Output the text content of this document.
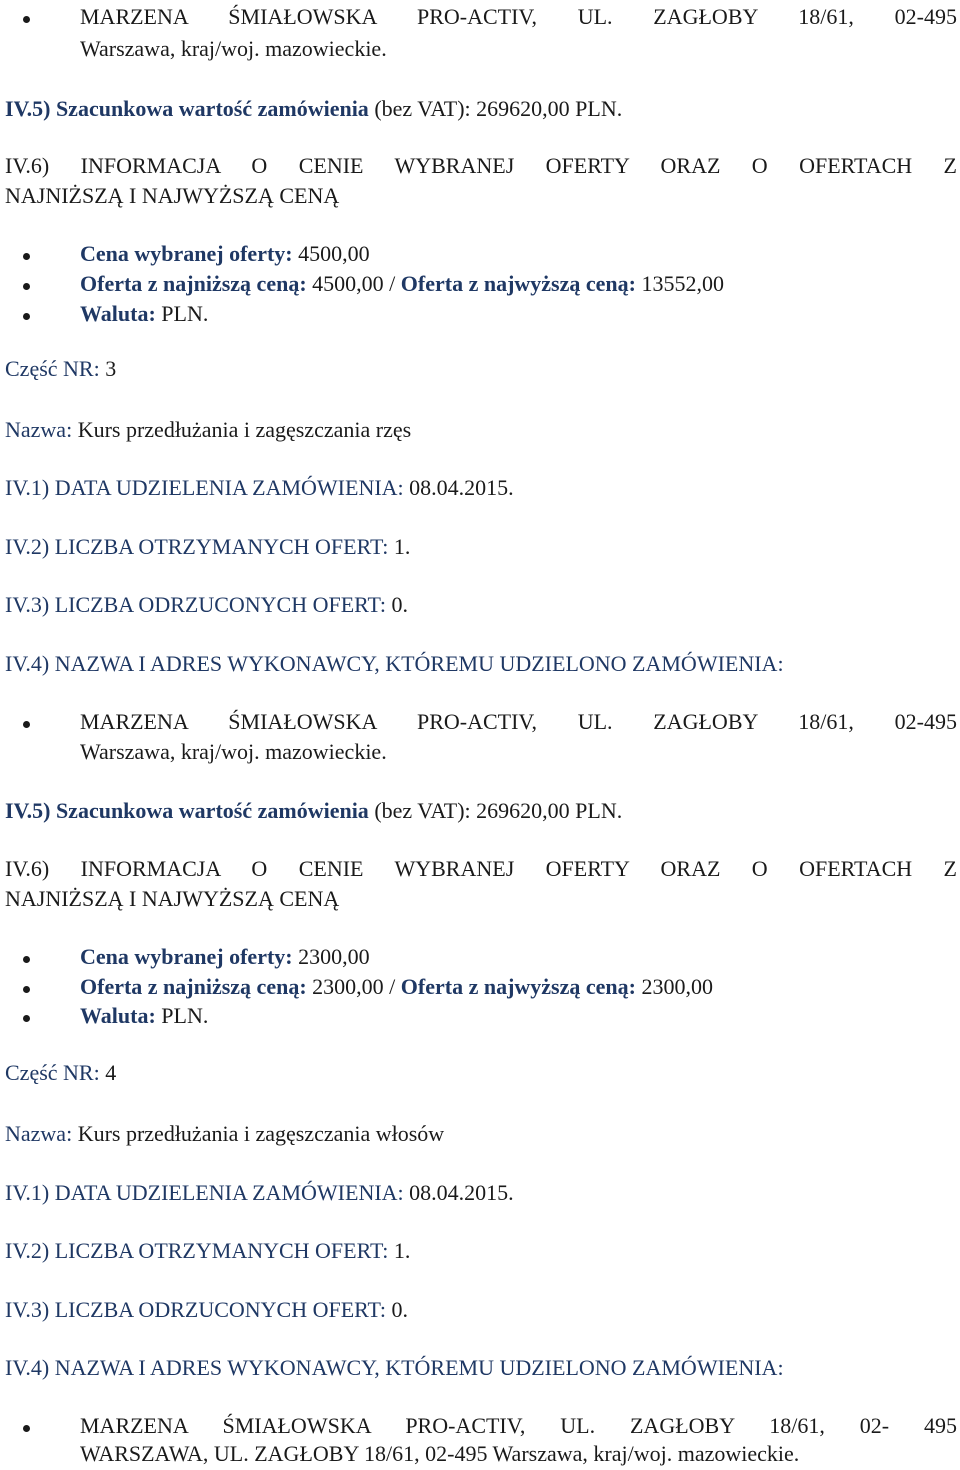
MARZENA ŚMIAŁOWSKA PRO-ACTIV, UL. ZAGŁOBY 18/61, 02-495
Warszawa, kraj/woj. mazowieckie.
IV.5) Szacunkowa wartość zamówienia (bez VAT): 269620,00 PLN.
IV.6) INFORMACJA O CENIE WYBRANEJ OFERTY ORAZ O OFERTACH Z
NAJNIŻSZĄ I NAJWYŻSZĄ CENĄ
Cena wybranej oferty: 4500,00
Oferta z najniższą ceną: 4500,00 / Oferta z najwyższą ceną: 13552,00
Waluta: PLN.
Część NR: 3
Nazwa: Kurs przedłużania i zagęszczania rzęs
IV.1) DATA UDZIELENIA ZAMÓWIENIA: 08.04.2015.
IV.2) LICZBA OTRZYMANYCH OFERT: 1.
IV.3) LICZBA ODRZUCONYCH OFERT: 0.
IV.4) NAZWA I ADRES WYKONAWCY, KTÓREMU UDZIELONO ZAMÓWIENIA:
MARZENA ŚMIAŁOWSKA PRO-ACTIV, UL. ZAGŁOBY 18/61, 02-495
Warszawa, kraj/woj. mazowieckie.
IV.5) Szacunkowa wartość zamówienia (bez VAT): 269620,00 PLN.
IV.6) INFORMACJA O CENIE WYBRANEJ OFERTY ORAZ O OFERTACH Z
NAJNIŻSZĄ I NAJWYŻSZĄ CENĄ
Cena wybranej oferty: 2300,00
Oferta z najniższą ceną: 2300,00 / Oferta z najwyższą ceną: 2300,00
Waluta: PLN.
Część NR: 4
Nazwa: Kurs przedłużania i zagęszczania włosów
IV.1) DATA UDZIELENIA ZAMÓWIENIA: 08.04.2015.
IV.2) LICZBA OTRZYMANYCH OFERT: 1.
IV.3) LICZBA ODRZUCONYCH OFERT: 0.
IV.4) NAZWA I ADRES WYKONAWCY, KTÓREMU UDZIELONO ZAMÓWIENIA:
MARZENA ŚMIAŁOWSKA PRO-ACTIV, UL. ZAGŁOBY 18/61, 02- 495
WARSZAWA, UL. ZAGŁOBY 18/61, 02-495 Warszawa, kraj/woj. mazowieckie.
